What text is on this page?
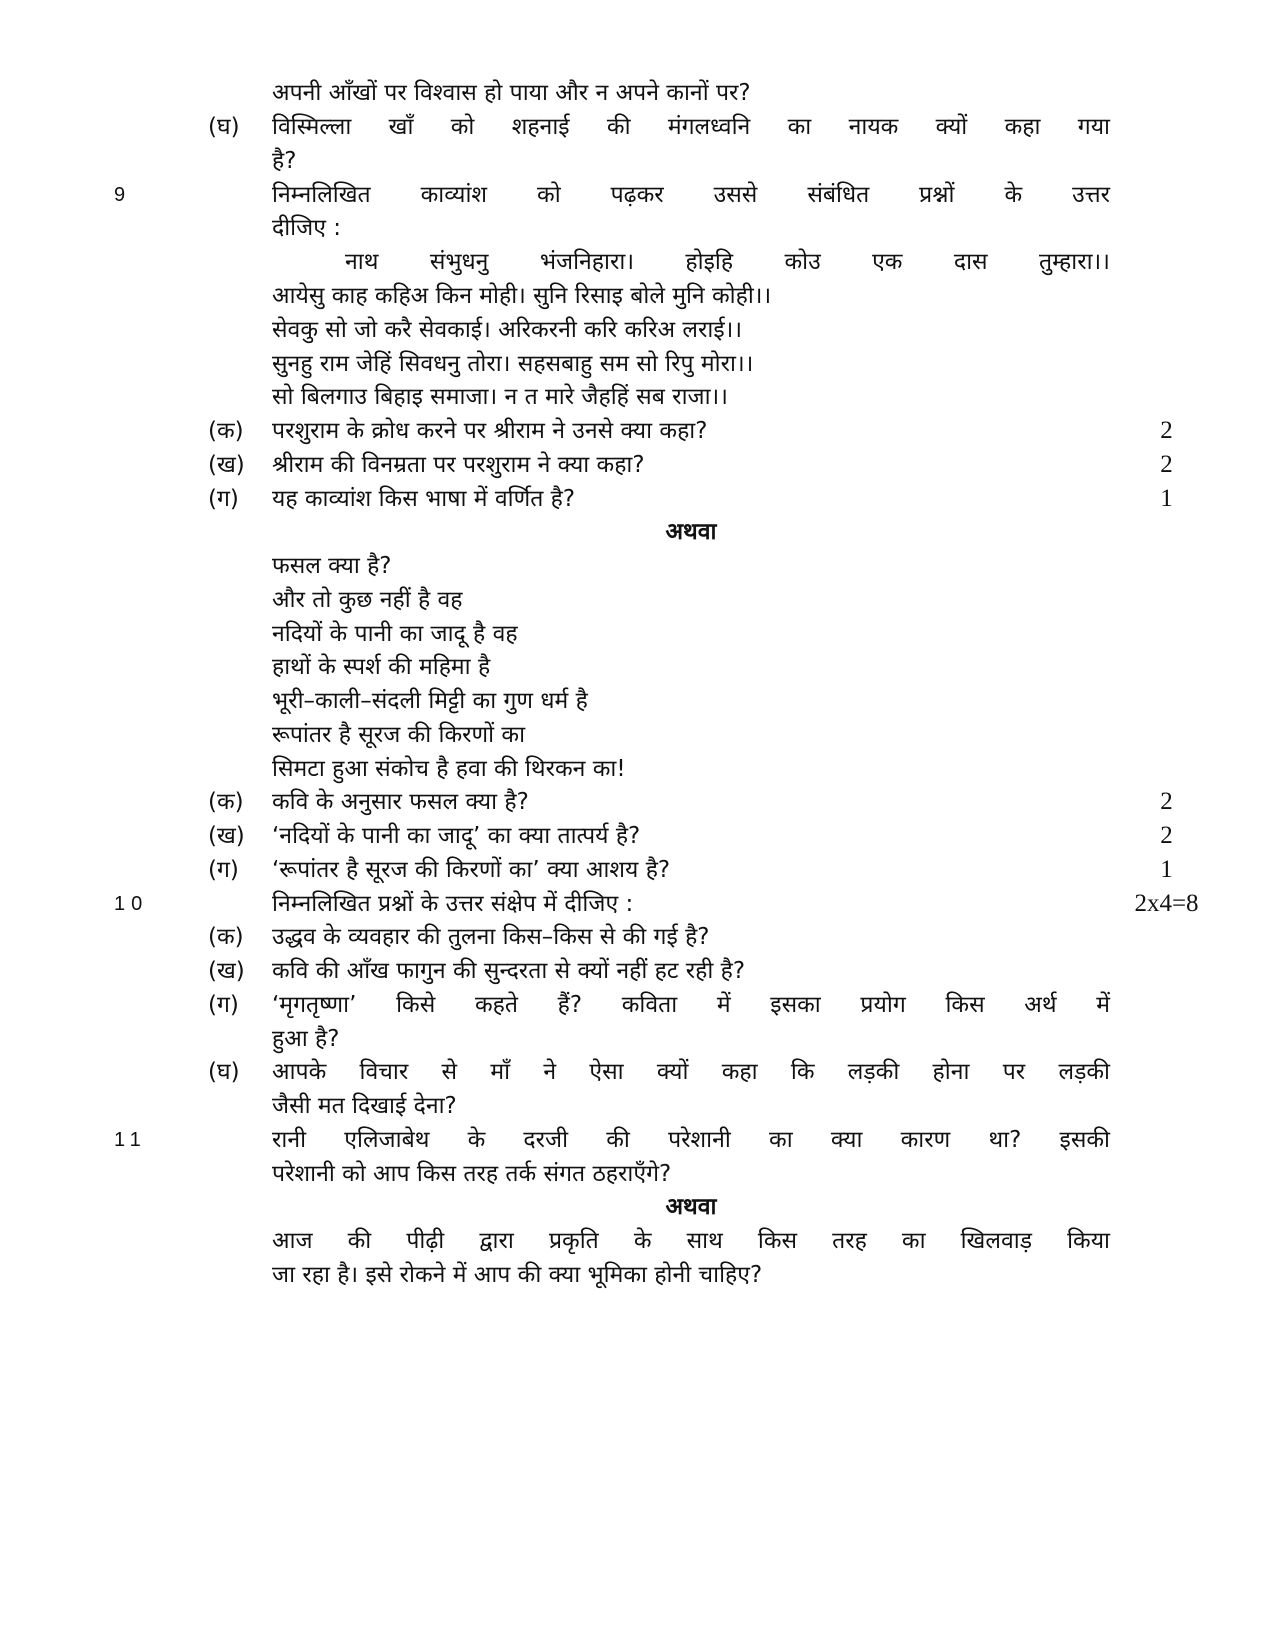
अपनी आँखों पर विश्वास हो पाया और न अपने कानों पर?
(घ) विस्मिल्ला खाँ को शहनाई की मंगलध्वनि का नायक क्यों कहा गया
है?
9	निम्नलिखित काव्यांश को पढ़कर उससे संबंधित प्रश्नों के उत्तर
दीजिए :
नाथ संभुधनु भंजनिहारा। होइहि कोउ एक दास तुम्हारा।।
आयेसु काह कहिअ किन मोही। सुनि रिसाइ बोले मुनि कोही।।
सेवकु सो जो करै सेवकाई। अरिकरनी करि करिअ लराई।।
सुनहु राम जेहिं सिवधनु तोरा। सहसबाहु सम सो रिपु मोरा।।
सो बिलगाउ बिहाइ समाजा। न त मारे जैहहिं सब राजा।।
(क) परशुराम के क्रोध करने पर श्रीराम ने उनसे क्या कहा?	2
(ख) श्रीराम की विनम्रता पर परशुराम ने क्या कहा?	2
(ग) यह काव्यांश किस भाषा में वर्णित है?	1
अथवा
फसल क्या है?
और तो कुछ नहीं है वह
नदियों के पानी का जादू है वह
हाथों के स्पर्श की महिमा है
भूरी–काली–संदली मिट्टी का गुण धर्म है
रूपांतर है सूरज की किरणों का
सिमटा हुआ संकोच है हवा की थिरकन का!
(क) कवि के अनुसार फसल क्या है?	2
(ख) ‘नदियों के पानी का जादू’ का क्या तात्पर्य है?	2
(ग) ‘रूपांतर है सूरज की किरणों का’ क्या आशय है?	1
10	निम्नलिखित प्रश्नों के उत्तर संक्षेप में दीजिए :	2x4=8
(क) उद्धव के व्यवहार की तुलना किस–किस से की गई है?
(ख) कवि की आँख फागुन की सुन्दरता से क्यों नहीं हट रही है?
(ग) ‘मृगतृष्णा’ किसे कहते हैं? कविता में इसका प्रयोग किस अर्थ में
हुआ है?
(घ) आपके विचार से माँ ने ऐसा क्यों कहा कि लड़की होना पर लड़की
जैसी मत दिखाई देना?
11	रानी एलिजाबेथ के दरजी की परेशानी का क्या कारण था? इसकी
परेशानी को आप किस तरह तर्क संगत ठहराएँगे?
अथवा
आज की पीढ़ी द्वारा प्रकृति के साथ किस तरह का खिलवाड़ किया
जा रहा है। इसे रोकने में आप की क्या भूमिका होनी चाहिए?
